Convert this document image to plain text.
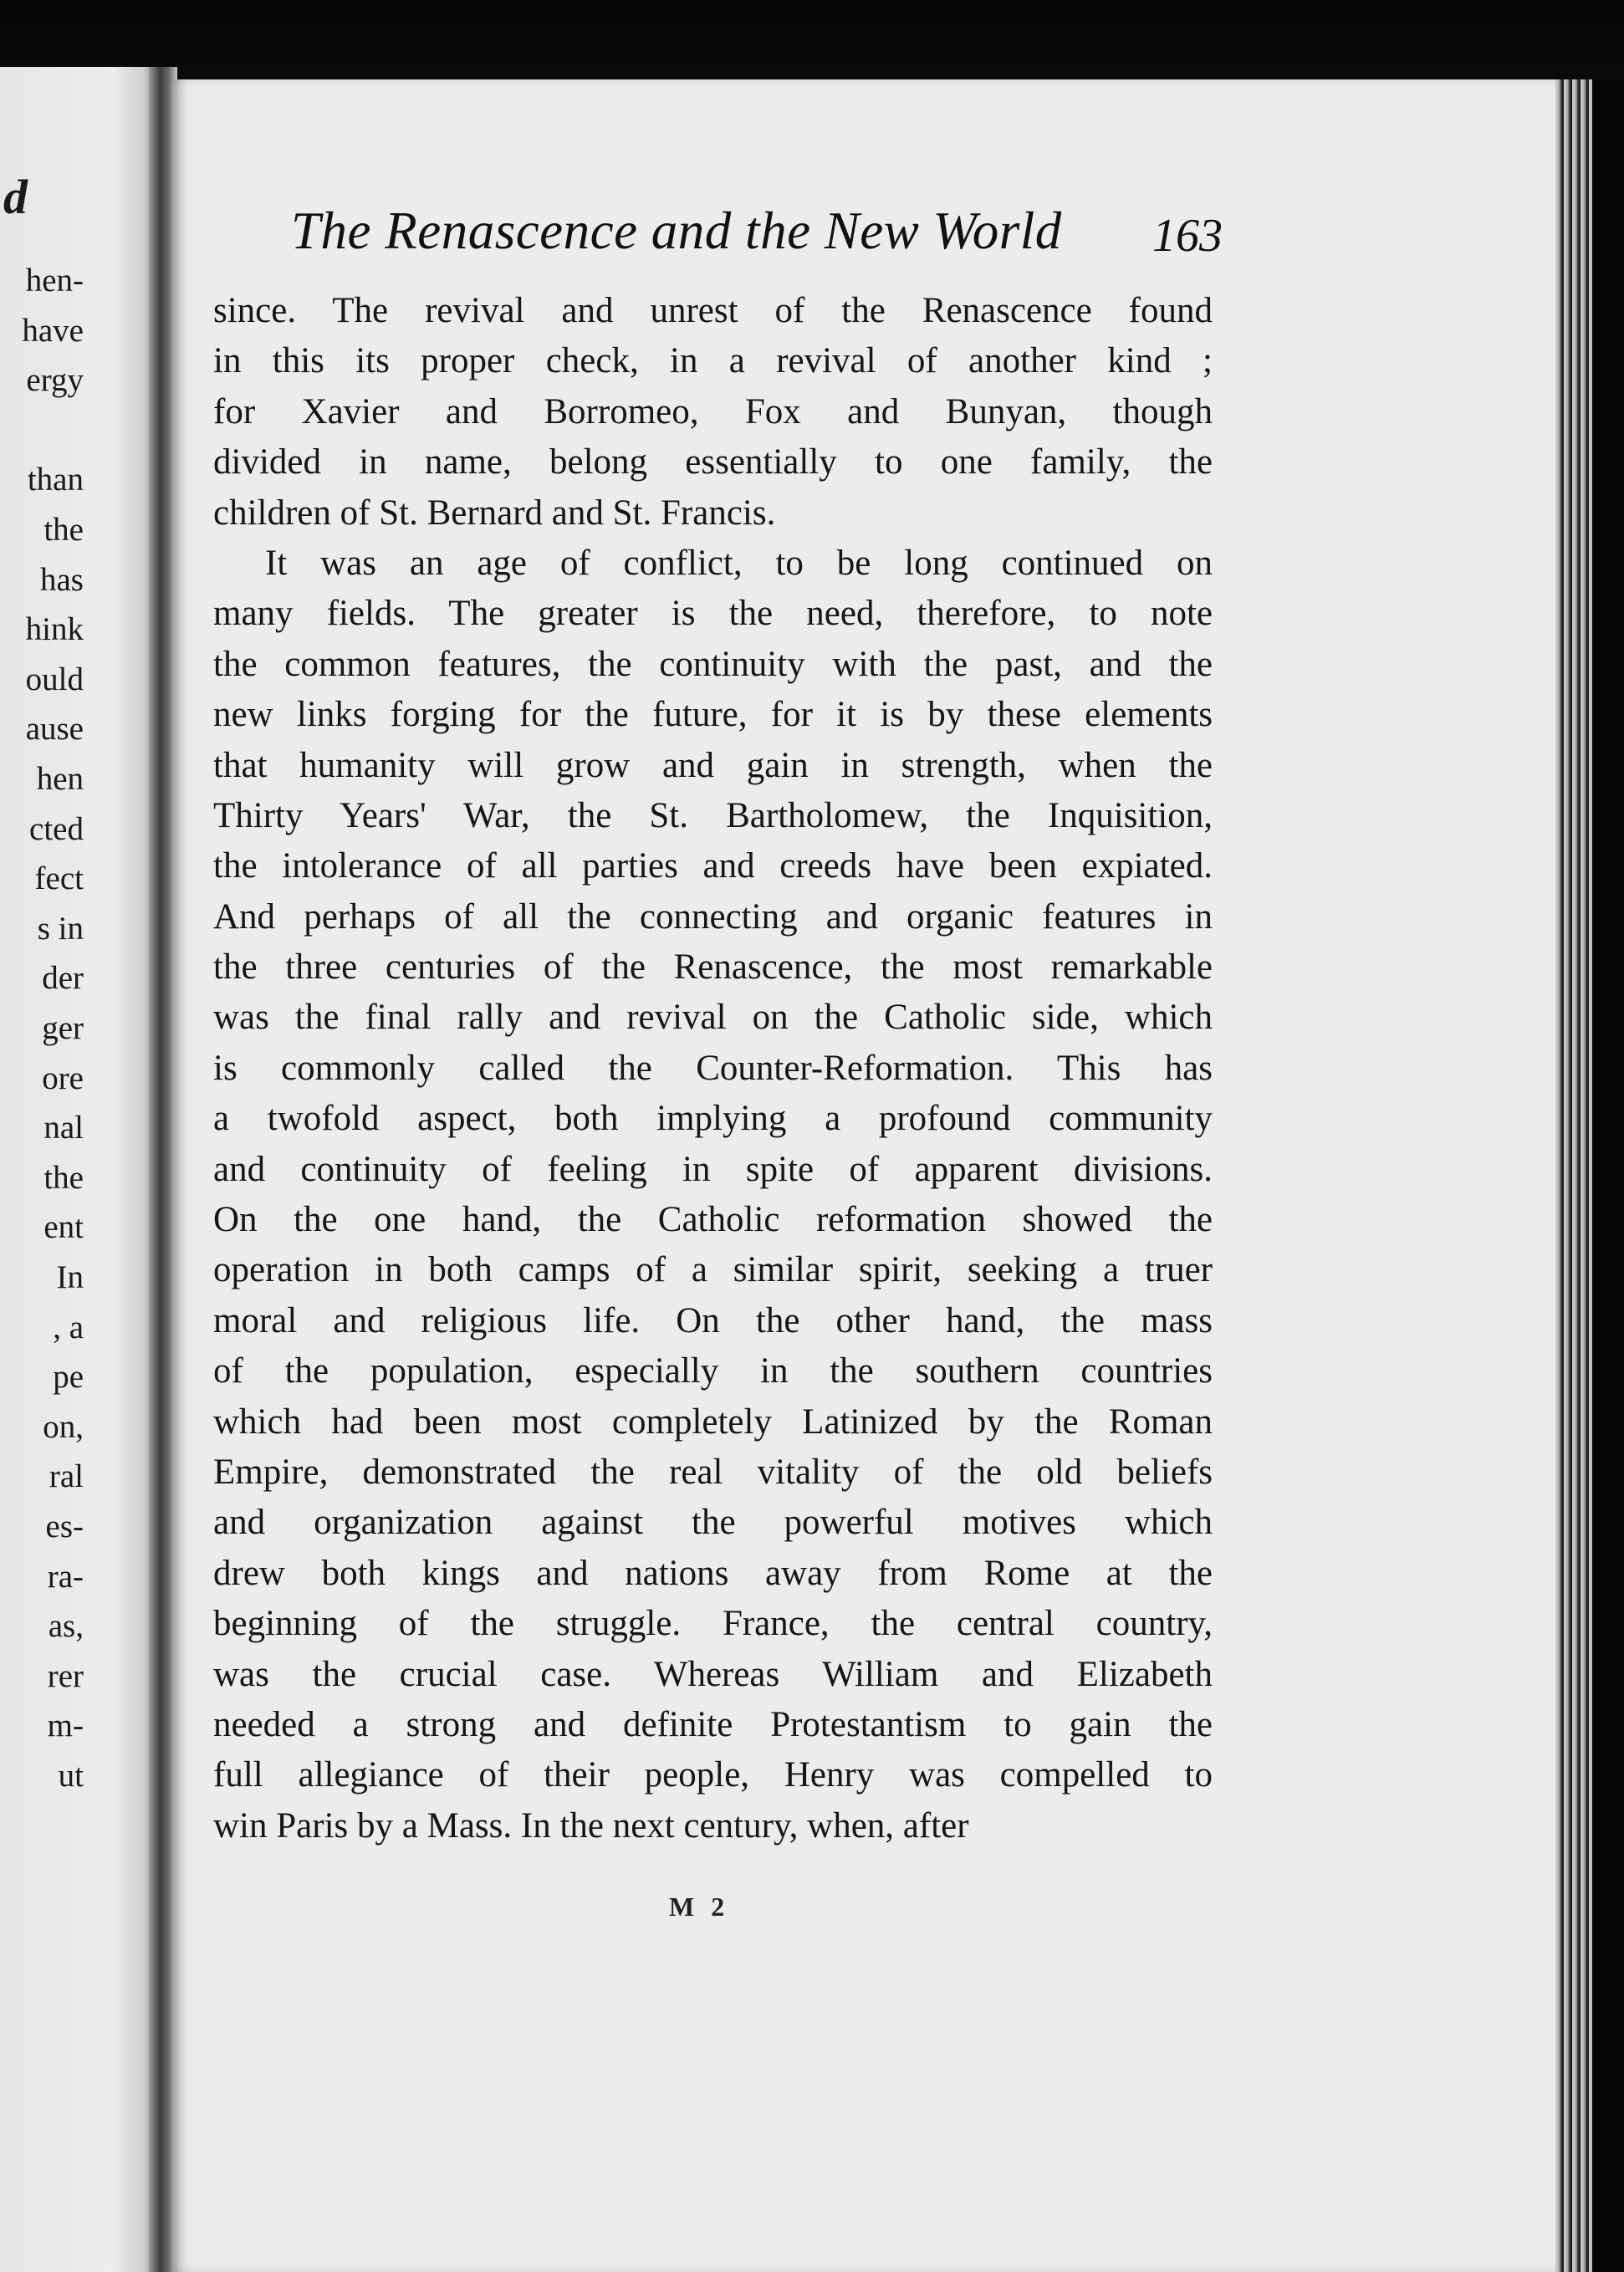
d
hen-
have
ergy
than
the
has
hink
ould
ause
hen
cted
fect
s in
der
ger
ore
nal
the
ent
In
, a
pe
on,
ral
es-
ra-
as,
rer
m-
ut
The Renascence and the New World 163
since. The revival and unrest of the Renascence found
in this its proper check, in a revival of another kind ;
for Xavier and Borromeo, Fox and Bunyan, though
divided in name, belong essentially to one family, the
children of St. Bernard and St. Francis.
It was an age of conflict, to be long continued on
many fields. The greater is the need, therefore, to note
the common features, the continuity with the past, and the
new links forging for the future, for it is by these elements
that humanity will grow and gain in strength, when the
Thirty Years' War, the St. Bartholomew, the Inquisition,
the intolerance of all parties and creeds have been expiated.
And perhaps of all the connecting and organic features in
the three centuries of the Renascence, the most remarkable
was the final rally and revival on the Catholic side, which
is commonly called the Counter-Reformation. This has
a twofold aspect, both implying a profound community
and continuity of feeling in spite of apparent divisions.
On the one hand, the Catholic reformation showed the
operation in both camps of a similar spirit, seeking a truer
moral and religious life. On the other hand, the mass
of the population, especially in the southern countries
which had been most completely Latinized by the Roman
Empire, demonstrated the real vitality of the old beliefs
and organization against the powerful motives which
drew both kings and nations away from Rome at the
beginning of the struggle. France, the central country,
was the crucial case. Whereas William and Elizabeth
needed a strong and definite Protestantism to gain the
full allegiance of their people, Henry was compelled to
win Paris by a Mass. In the next century, when, after
M 2
